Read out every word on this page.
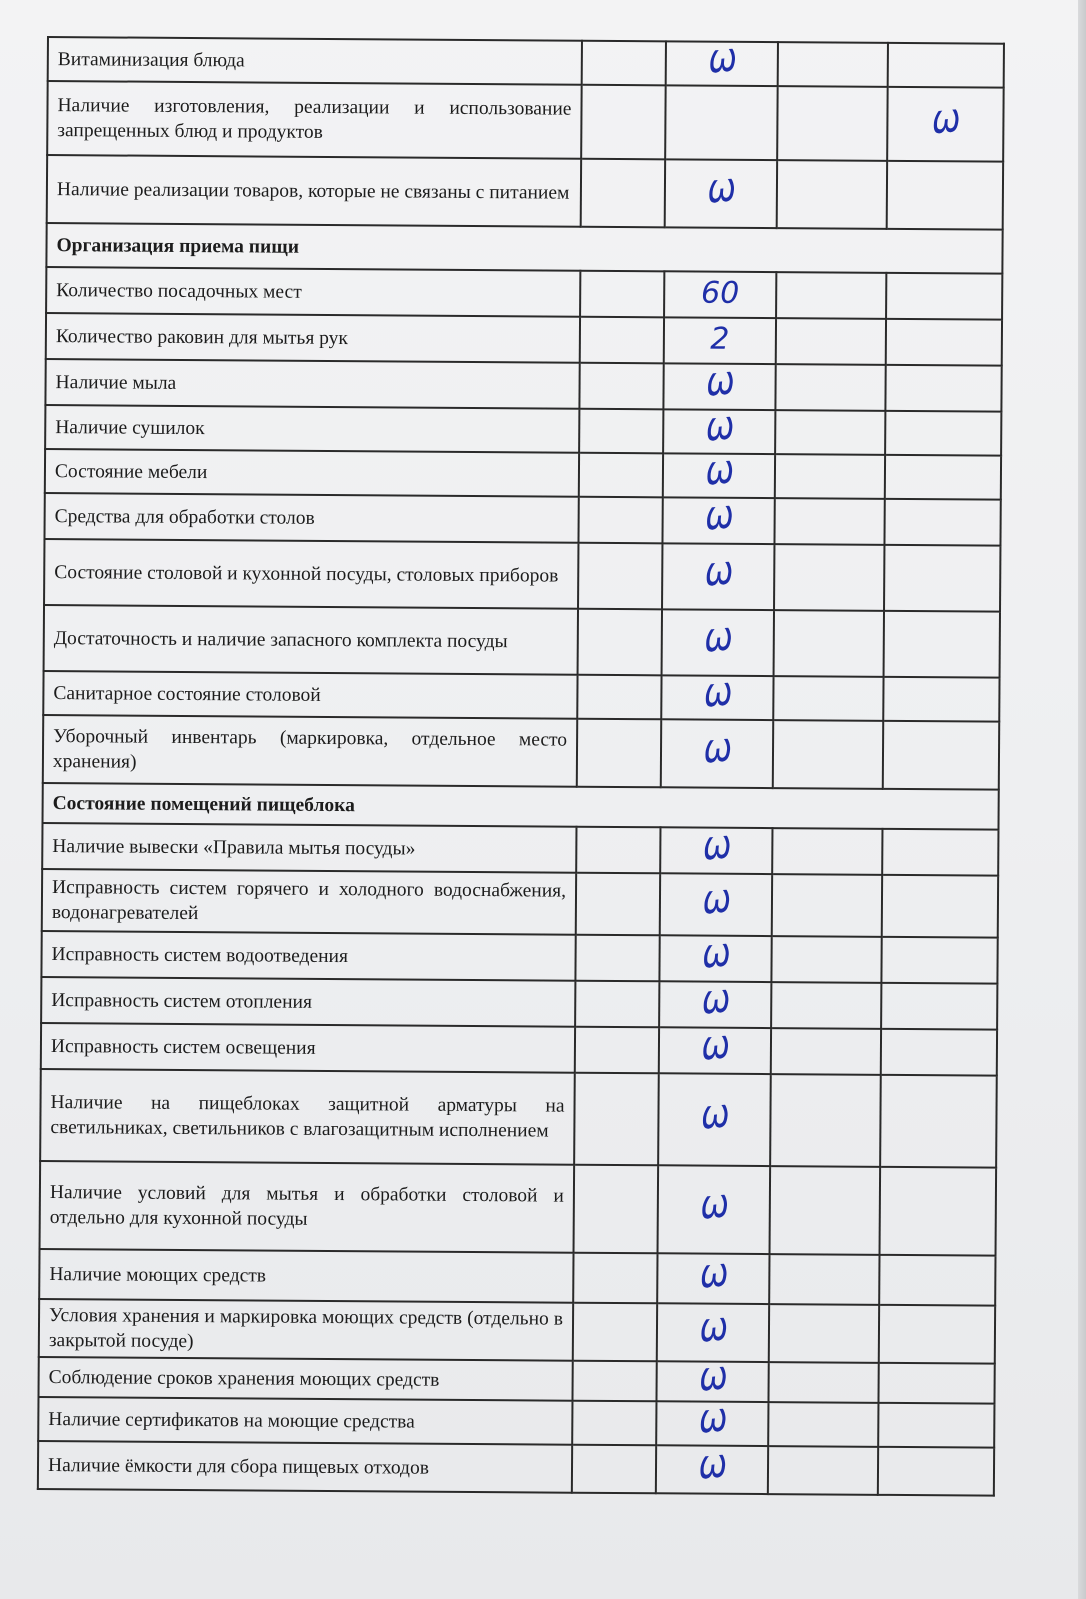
Витаминизация блюда		Ѡ		
Наличие изготовления, реализации и использование запрещенных блюд и продуктов				Ѡ
Наличие реализации товаров, которые не связаны с питанием		Ѡ		
Организация приема пищи				
Количество посадочных мест		60		
Количество раковин для мытья рук		2		
Наличие мыла		Ѡ		
Наличие сушилок		Ѡ		
Состояние мебели		Ѡ		
Средства для обработки столов		Ѡ		
Состояние столовой и кухонной посуды, столовых приборов		Ѡ		
Достаточность и наличие запасного комплекта посуды		Ѡ		
Санитарное состояние столовой		Ѡ		
Уборочный инвентарь (маркировка, отдельное место хранения)		Ѡ		
Состояние помещений пищеблока				
Наличие вывески «Правила мытья посуды»		Ѡ		
Исправность систем горячего и холодного водоснабжения, водонагревателей		Ѡ		
Исправность систем водоотведения		Ѡ		
Исправность систем отопления		Ѡ		
Исправность систем освещения		Ѡ		
Наличие на пищеблоках защитной арматуры на светильниках, светильников с влагозащитным исполнением		Ѡ		
Наличие условий для мытья и обработки столовой и отдельно для кухонной посуды		Ѡ		
Наличие моющих средств		Ѡ		
Условия хранения и маркировка моющих средств (отдельно в закрытой посуде)		Ѡ		
Соблюдение сроков хранения моющих средств		Ѡ		
Наличие сертификатов на моющие средства		Ѡ		
Наличие ёмкости для сбора пищевых отходов		Ѡ		
